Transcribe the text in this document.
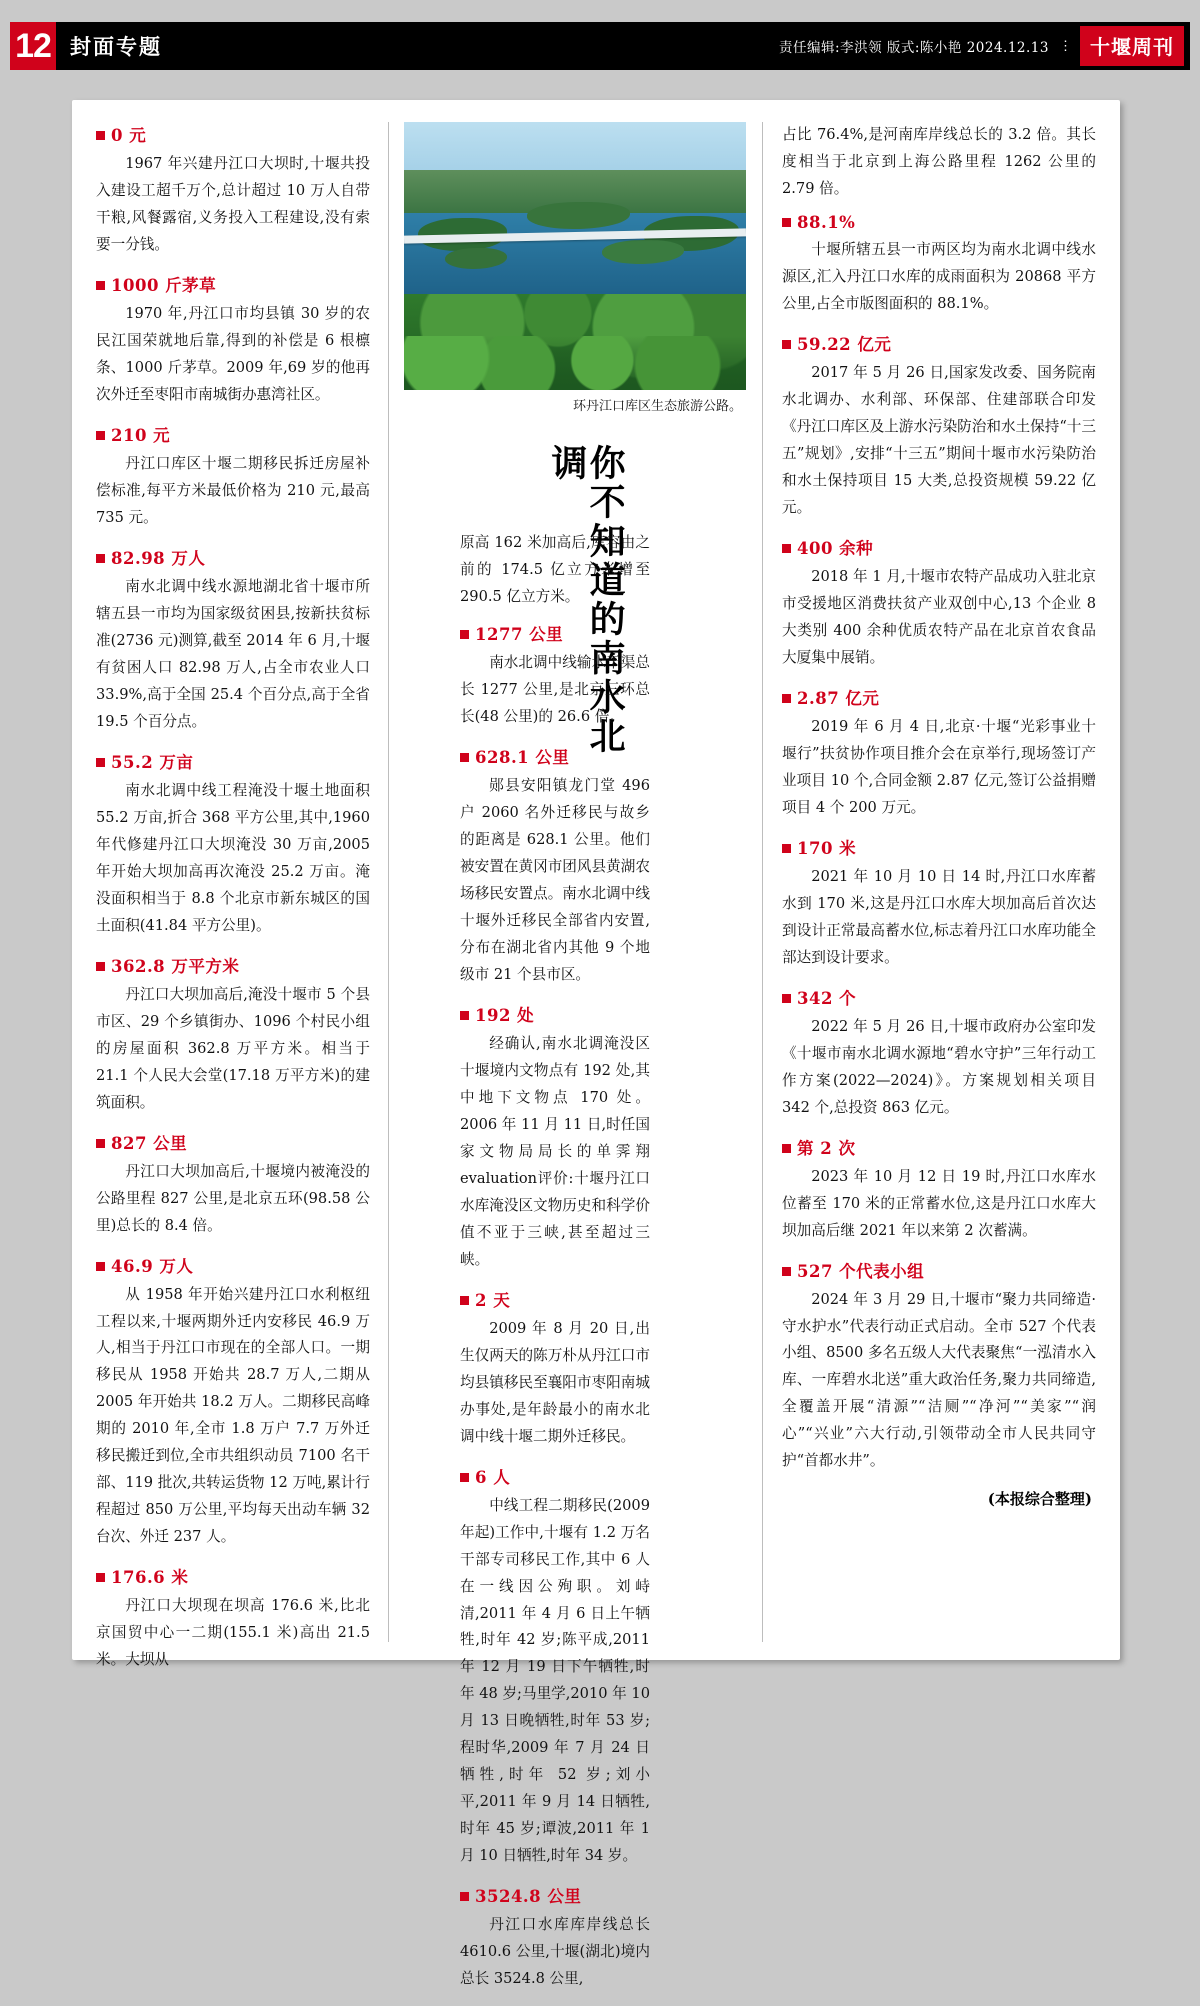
12 封面专题	责任编辑:李洪领 版式:陈小艳 2024.12.13 ⋮ 十堰周刊
0 元
1967 年兴建丹江口大坝时,十堰共投入建设工超千万个,总计超过 10 万人自带干粮,风餐露宿,义务投入工程建设,没有索要一分钱。
1000 斤茅草
1970 年,丹江口市均县镇 30 岁的农民江国荣就地后靠,得到的补偿是 6 根檩条、1000 斤茅草。2009 年,69 岁的他再次外迁至枣阳市南城街办惠湾社区。
210 元
丹江口库区十堰二期移民拆迁房屋补偿标准,每平方米最低价格为 210 元,最高 735 元。
82.98 万人
南水北调中线水源地湖北省十堰市所辖五县一市均为国家级贫困县,按新扶贫标准(2736 元)测算,截至 2014 年 6 月,十堰有贫困人口 82.98 万人,占全市农业人口 33.9%,高于全国 25.4 个百分点,高于全省 19.5 个百分点。
55.2 万亩
南水北调中线工程淹没十堰土地面积 55.2 万亩,折合 368 平方公里,其中,1960 年代修建丹江口大坝淹没 30 万亩,2005 年开始大坝加高再次淹没 25.2 万亩。淹没面积相当于 8.8 个北京市新东城区的国土面积(41.84 平方公里)。
362.8 万平方米
丹江口大坝加高后,淹没十堰市 5 个县市区、29 个乡镇街办、1096 个村民小组的房屋面积 362.8 万平方米。相当于 21.1 个人民大会堂(17.18 万平方米)的建筑面积。
827 公里
丹江口大坝加高后,十堰境内被淹没的公路里程 827 公里,是北京五环(98.58 公里)总长的 8.4 倍。
46.9 万人
从 1958 年开始兴建丹江口水利枢纽工程以来,十堰两期外迁内安移民 46.9 万人,相当于丹江口市现在的全部人口。一期移民从 1958 开始共 28.7 万人,二期从 2005 年开始共 18.2 万人。二期移民高峰期的 2010 年,全市 1.8 万户 7.7 万外迁移民搬迁到位,全市共组织动员 7100 名干部、119 批次,共转运货物 12 万吨,累计行程超过 850 万公里,平均每天出动车辆 32 台次、外迁 237 人。
176.6 米
丹江口大坝现在坝高 176.6 米,比北京国贸中心一二期(155.1 米)高出 21.5 米。大坝从
环丹江口库区生态旅游公路。
你不知道的南水北调
原高 162 米加高后,库容由之前的 174.5 亿立方米增至 290.5 亿立方米。
1277 公里
南水北调中线输水干渠总长 1277 公里,是北京三环总长(48 公里)的 26.6 倍。
628.1 公里
郧县安阳镇龙门堂 496 户 2060 名外迁移民与故乡的距离是 628.1 公里。他们被安置在黄冈市团风县黄湖农场移民安置点。南水北调中线十堰外迁移民全部省内安置,分布在湖北省内其他 9 个地级市 21 个县市区。
192 处
经确认,南水北调淹没区十堰境内文物点有 192 处,其中地下文物点 170 处。2006 年 11 月 11 日,时任国家文物局局长的单霁翔evaluation评价:十堰丹江口水库淹没区文物历史和科学价值不亚于三峡,甚至超过三峡。
2 天
2009 年 8 月 20 日,出生仅两天的陈万朴从丹江口市均县镇移民至襄阳市枣阳南城办事处,是年龄最小的南水北调中线十堰二期外迁移民。
6 人
中线工程二期移民(2009 年起)工作中,十堰有 1.2 万名干部专司移民工作,其中 6 人在一线因公殉职。刘峙清,2011 年 4 月 6 日上午牺牲,时年 42 岁;陈平成,2011 年 12 月 19 日下午牺牲,时年 48 岁;马里学,2010 年 10 月 13 日晚牺牲,时年 53 岁;程时华,2009 年 7 月 24 日牺牲,时年 52 岁;刘小平,2011 年 9 月 14 日牺牲,时年 45 岁;谭波,2011 年 1 月 10 日牺牲,时年 34 岁。
3524.8 公里
丹江口水库库岸线总长 4610.6 公里,十堰(湖北)境内总长 3524.8 公里,
占比 76.4%,是河南库岸线总长的 3.2 倍。其长度相当于北京到上海公路里程 1262 公里的 2.79 倍。
88.1%
十堰所辖五县一市两区均为南水北调中线水源区,汇入丹江口水库的成雨面积为 20868 平方公里,占全市版图面积的 88.1%。
59.22 亿元
2017 年 5 月 26 日,国家发改委、国务院南水北调办、水利部、环保部、住建部联合印发《丹江口库区及上游水污染防治和水土保持“十三五”规划》,安排“十三五”期间十堰市水污染防治和水土保持项目 15 大类,总投资规模 59.22 亿元。
400 余种
2018 年 1 月,十堰市农特产品成功入驻北京市受援地区消费扶贫产业双创中心,13 个企业 8 大类别 400 余种优质农特产品在北京首农食品大厦集中展销。
2.87 亿元
2019 年 6 月 4 日,北京·十堰“光彩事业十堰行”扶贫协作项目推介会在京举行,现场签订产业项目 10 个,合同金额 2.87 亿元,签订公益捐赠项目 4 个 200 万元。
170 米
2021 年 10 月 10 日 14 时,丹江口水库蓄水到 170 米,这是丹江口水库大坝加高后首次达到设计正常最高蓄水位,标志着丹江口水库功能全部达到设计要求。
342 个
2022 年 5 月 26 日,十堰市政府办公室印发《十堰市南水北调水源地“碧水守护”三年行动工作方案(2022—2024)》。方案规划相关项目 342 个,总投资 863 亿元。
第 2 次
2023 年 10 月 12 日 19 时,丹江口水库水位蓄至 170 米的正常蓄水位,这是丹江口水库大坝加高后继 2021 年以来第 2 次蓄满。
527 个代表小组
2024 年 3 月 29 日,十堰市“聚力共同缔造·守水护水”代表行动正式启动。全市 527 个代表小组、8500 多名五级人大代表聚焦“一泓清水入库、一库碧水北送”重大政治任务,聚力共同缔造,全覆盖开展“清源”“洁厕”“净河”“美家”“润心”“兴业”六大行动,引领带动全市人民共同守护“首都水井”。
(本报综合整理)
